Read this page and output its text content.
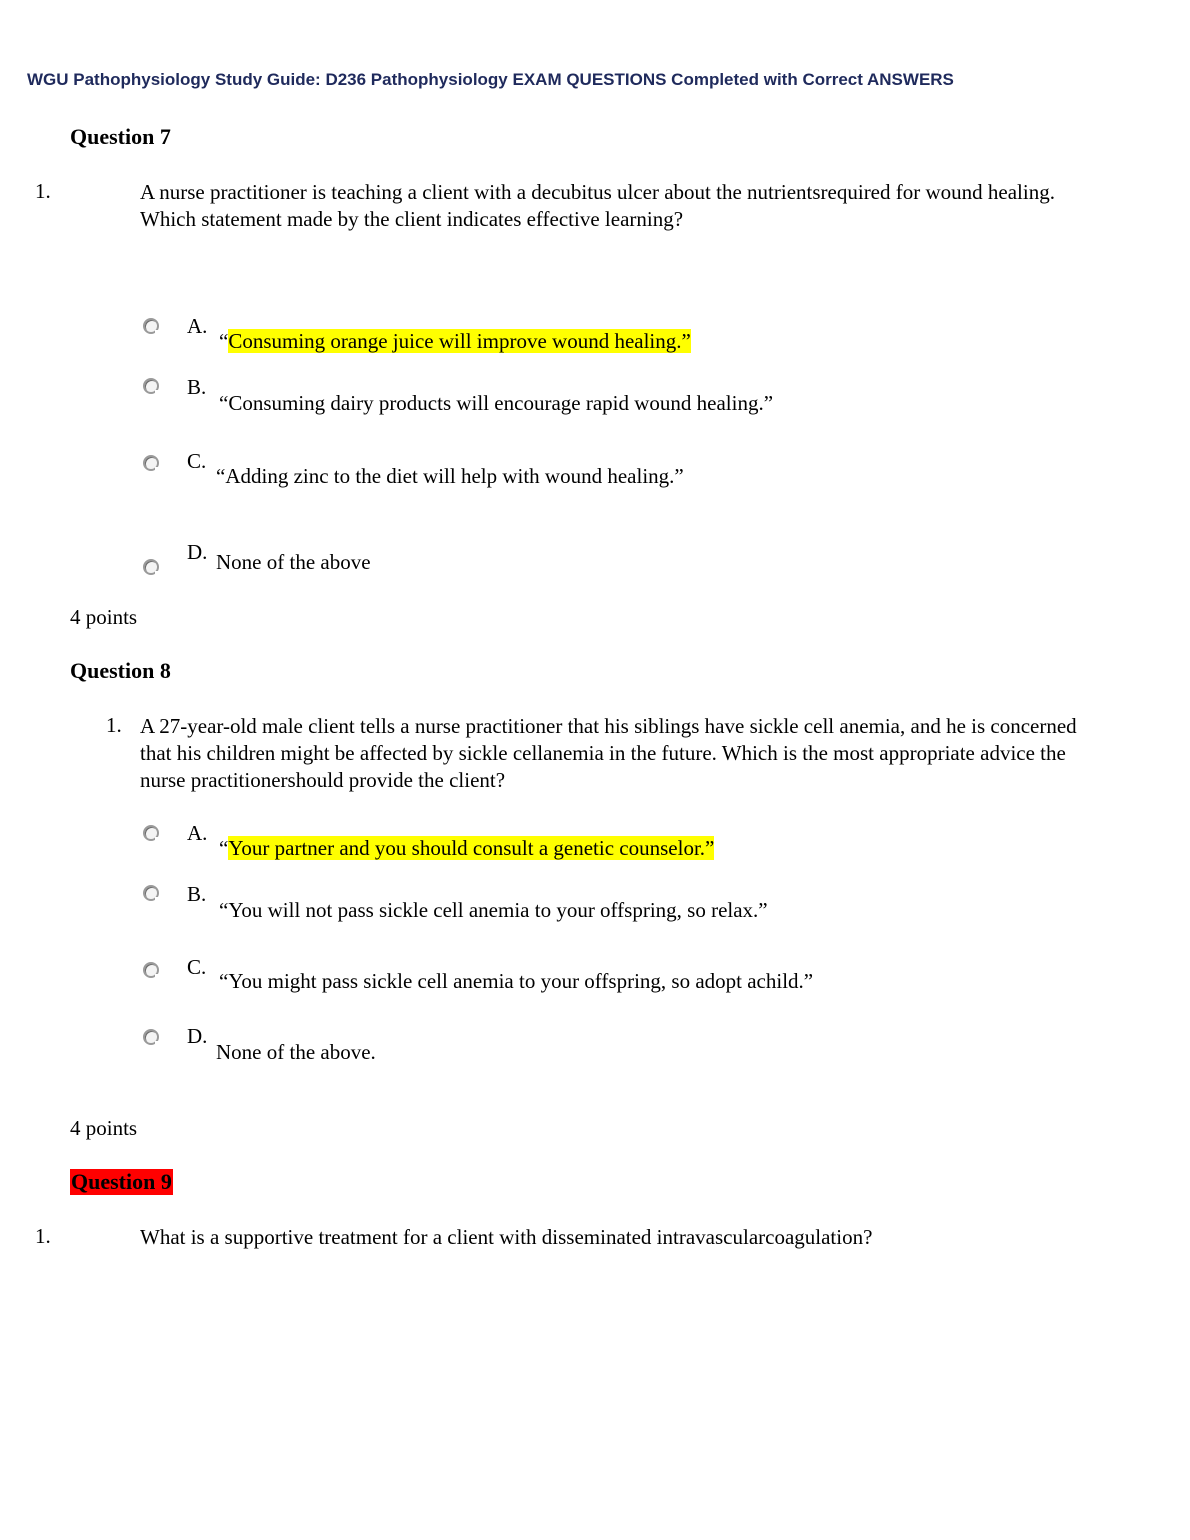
WGU Pathophysiology Study Guide: D236 Pathophysiology EXAM QUESTIONS Completed with Correct ANSWERS
Question 7
1.	A nurse practitioner is teaching a client with a decubitus ulcer about the nutrientsrequired for wound healing. Which statement made by the client indicates effective learning?
A.
“Consuming orange juice will improve wound healing.”
B.
“Consuming dairy products will encourage rapid wound healing.”
C.
“Adding zinc to the diet will help with wound healing.”
D. None of the above
4 points
Question 8
1. A 27-year-old male client tells a nurse practitioner that his siblings have sickle cell anemia, and he is concerned that his children might be affected by sickle cellanemia in the future. Which is the most appropriate advice the nurse practitionershould provide the client?
A.
“Your partner and you should consult a genetic counselor.”
B.
“You will not pass sickle cell anemia to your offspring, so relax.”
C.
“You might pass sickle cell anemia to your offspring, so adopt achild.”
D.
None of the above.
4 points
Question 9
1.	What is a supportive treatment for a client with disseminated intravascularcoagulation?
